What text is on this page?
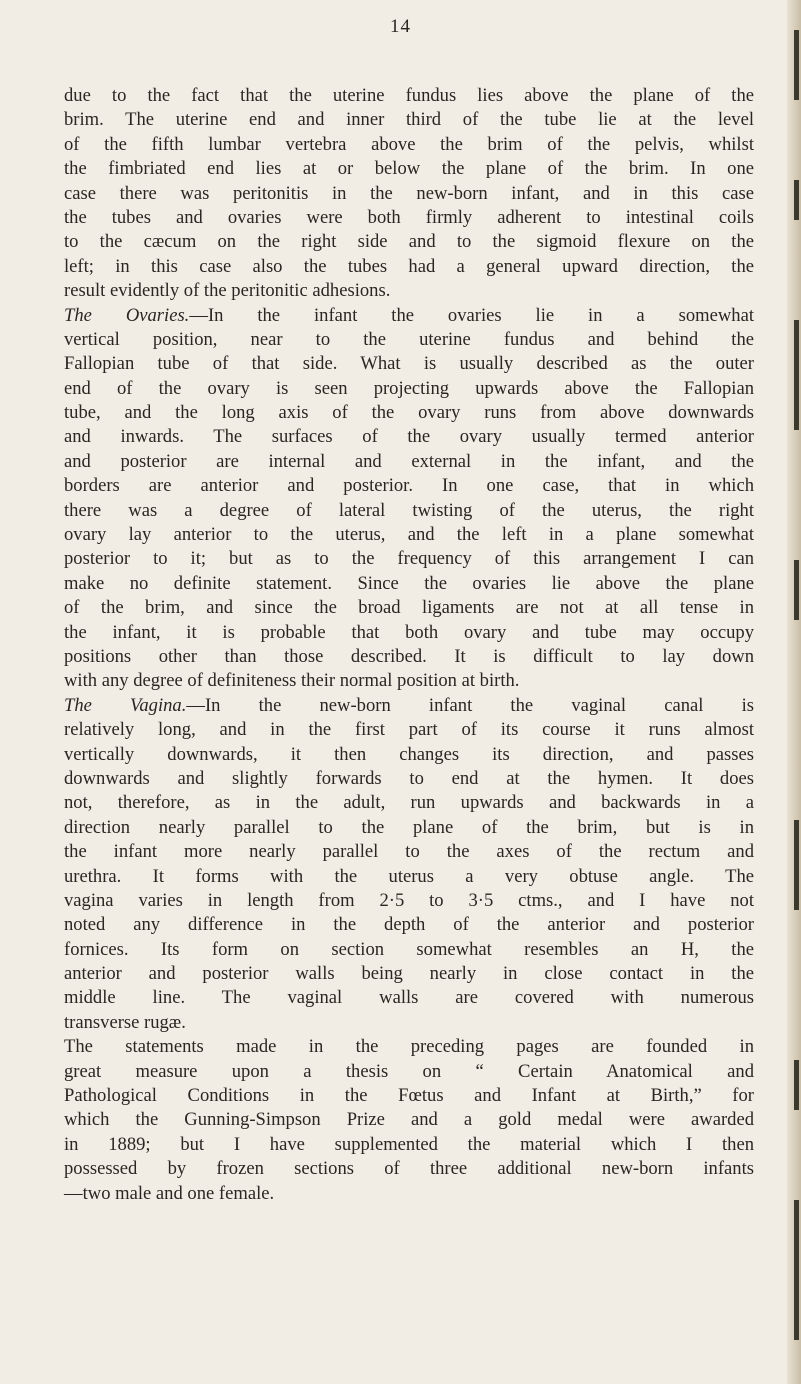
14
due to the fact that the uterine fundus lies above the plane of the
brim. The uterine end and inner third of the tube lie at the level
of the fifth lumbar vertebra above the brim of the pelvis, whilst
the fimbriated end lies at or below the plane of the brim. In one
case there was peritonitis in the new-born infant, and in this case
the tubes and ovaries were both firmly adherent to intestinal coils
to the cæcum on the right side and to the sigmoid flexure on the
left; in this case also the tubes had a general upward direction, the
result evidently of the peritonitic adhesions.
The Ovaries.—In the infant the ovaries lie in a somewhat
vertical position, near to the uterine fundus and behind the
Fallopian tube of that side. What is usually described as the outer
end of the ovary is seen projecting upwards above the Fallopian
tube, and the long axis of the ovary runs from above downwards
and inwards. The surfaces of the ovary usually termed anterior
and posterior are internal and external in the infant, and the
borders are anterior and posterior. In one case, that in which
there was a degree of lateral twisting of the uterus, the right
ovary lay anterior to the uterus, and the left in a plane somewhat
posterior to it; but as to the frequency of this arrangement I can
make no definite statement. Since the ovaries lie above the plane
of the brim, and since the broad ligaments are not at all tense in
the infant, it is probable that both ovary and tube may occupy
positions other than those described. It is difficult to lay down
with any degree of definiteness their normal position at birth.
The Vagina.—In the new-born infant the vaginal canal is
relatively long, and in the first part of its course it runs almost
vertically downwards, it then changes its direction, and passes
downwards and slightly forwards to end at the hymen. It does
not, therefore, as in the adult, run upwards and backwards in a
direction nearly parallel to the plane of the brim, but is in
the infant more nearly parallel to the axes of the rectum and
urethra. It forms with the uterus a very obtuse angle. The
vagina varies in length from 2·5 to 3·5 ctms., and I have not
noted any difference in the depth of the anterior and posterior
fornices. Its form on section somewhat resembles an H, the
anterior and posterior walls being nearly in close contact in the
middle line. The vaginal walls are covered with numerous
transverse rugæ.
The statements made in the preceding pages are founded in
great measure upon a thesis on “ Certain Anatomical and
Pathological Conditions in the Fœtus and Infant at Birth,” for
which the Gunning-Simpson Prize and a gold medal were awarded
in 1889; but I have supplemented the material which I then
possessed by frozen sections of three additional new-born infants
—two male and one female.
